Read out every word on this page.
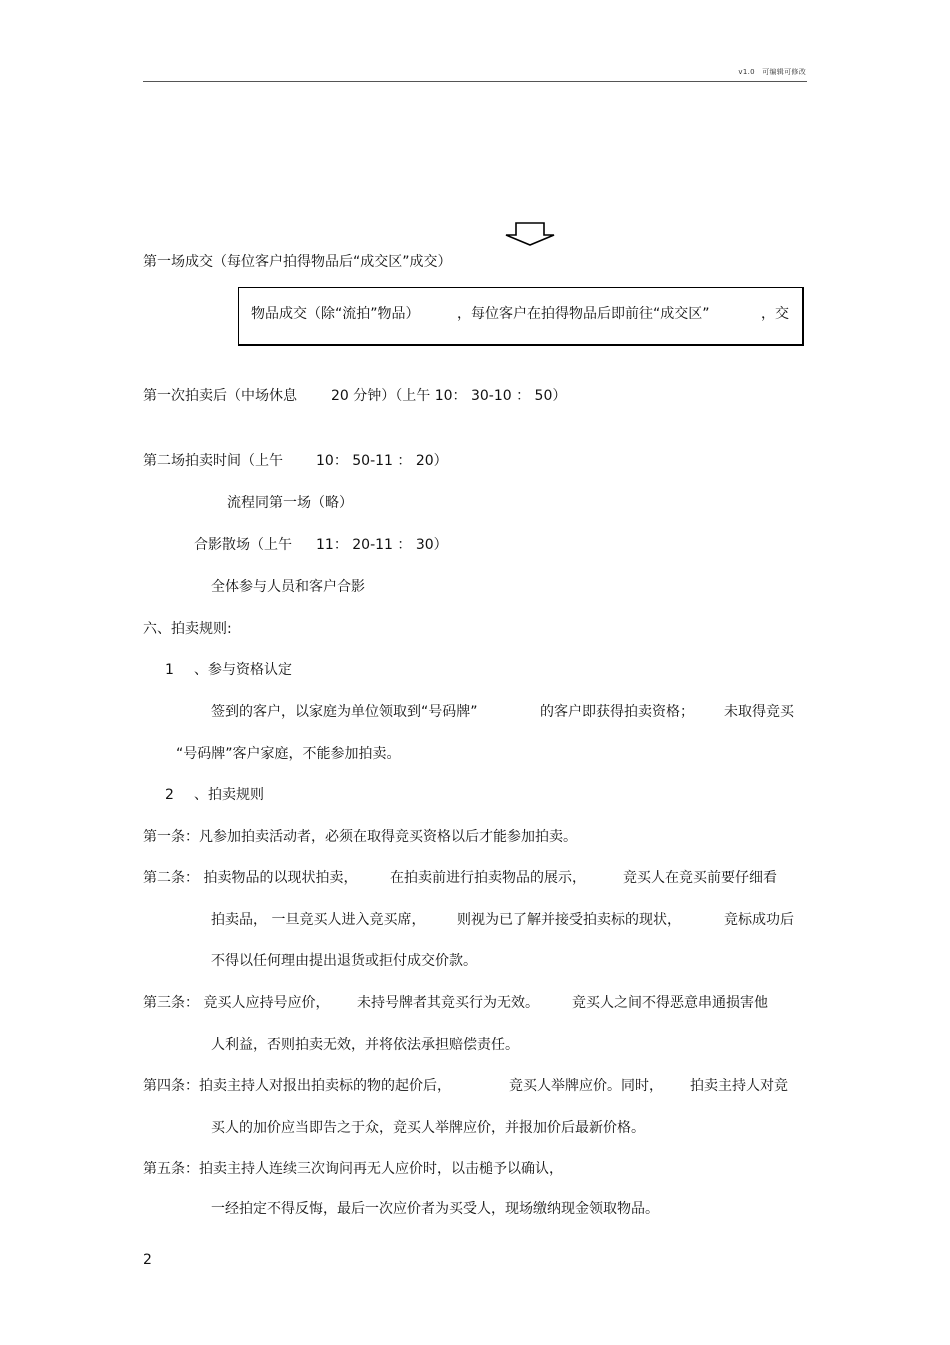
v1.0　可编辑可修改
第一场成交（每位客户拍得物品后“成交区”成交）
物品成交（除“流拍”物品）	，每位客户在拍得物品后即前往“成交区”	，交
第一次拍卖后（中场休息 20 分钟）（上午 10： 30-10 ： 50）
第二场拍卖时间（上午 10： 50-11 ： 20）
流程同第一场（略）
合影散场（上午 11： 20-11 ： 30）
全体参与人员和客户合影
六、拍卖规则:
1 、参与资格认定
签到的客户，以家庭为单位领取到“号码牌”	的客户即获得拍卖资格； 未取得竞买
“号码牌”客户家庭，不能参加拍卖。
2 、拍卖规则
第一条：凡参加拍卖活动者，必须在取得竞买资格以后才能参加拍卖。
第二条： 拍卖物品的以现状拍卖， 在拍卖前进行拍卖物品的展示，	竞买人在竞买前要仔细看
拍卖品， 一旦竞买人进入竞买席， 则视为已了解并接受拍卖标的现状，	竞标成功后
不得以任何理由提出退货或拒付成交价款。
第三条： 竞买人应持号应价， 未持号牌者其竞买行为无效。 竞买人之间不得恶意串通损害他
人利益，否则拍卖无效，并将依法承担赔偿责任。
第四条：拍卖主持人对报出拍卖标的物的起价后，	竞买人举牌应价。同时， 拍卖主持人对竞
买人的加价应当即告之于众，竞买人举牌应价，并报加价后最新价格。
第五条：拍卖主持人连续三次询问再无人应价时，以击槌予以确认，
一经拍定不得反悔，最后一次应价者为买受人，现场缴纳现金领取物品。
2
